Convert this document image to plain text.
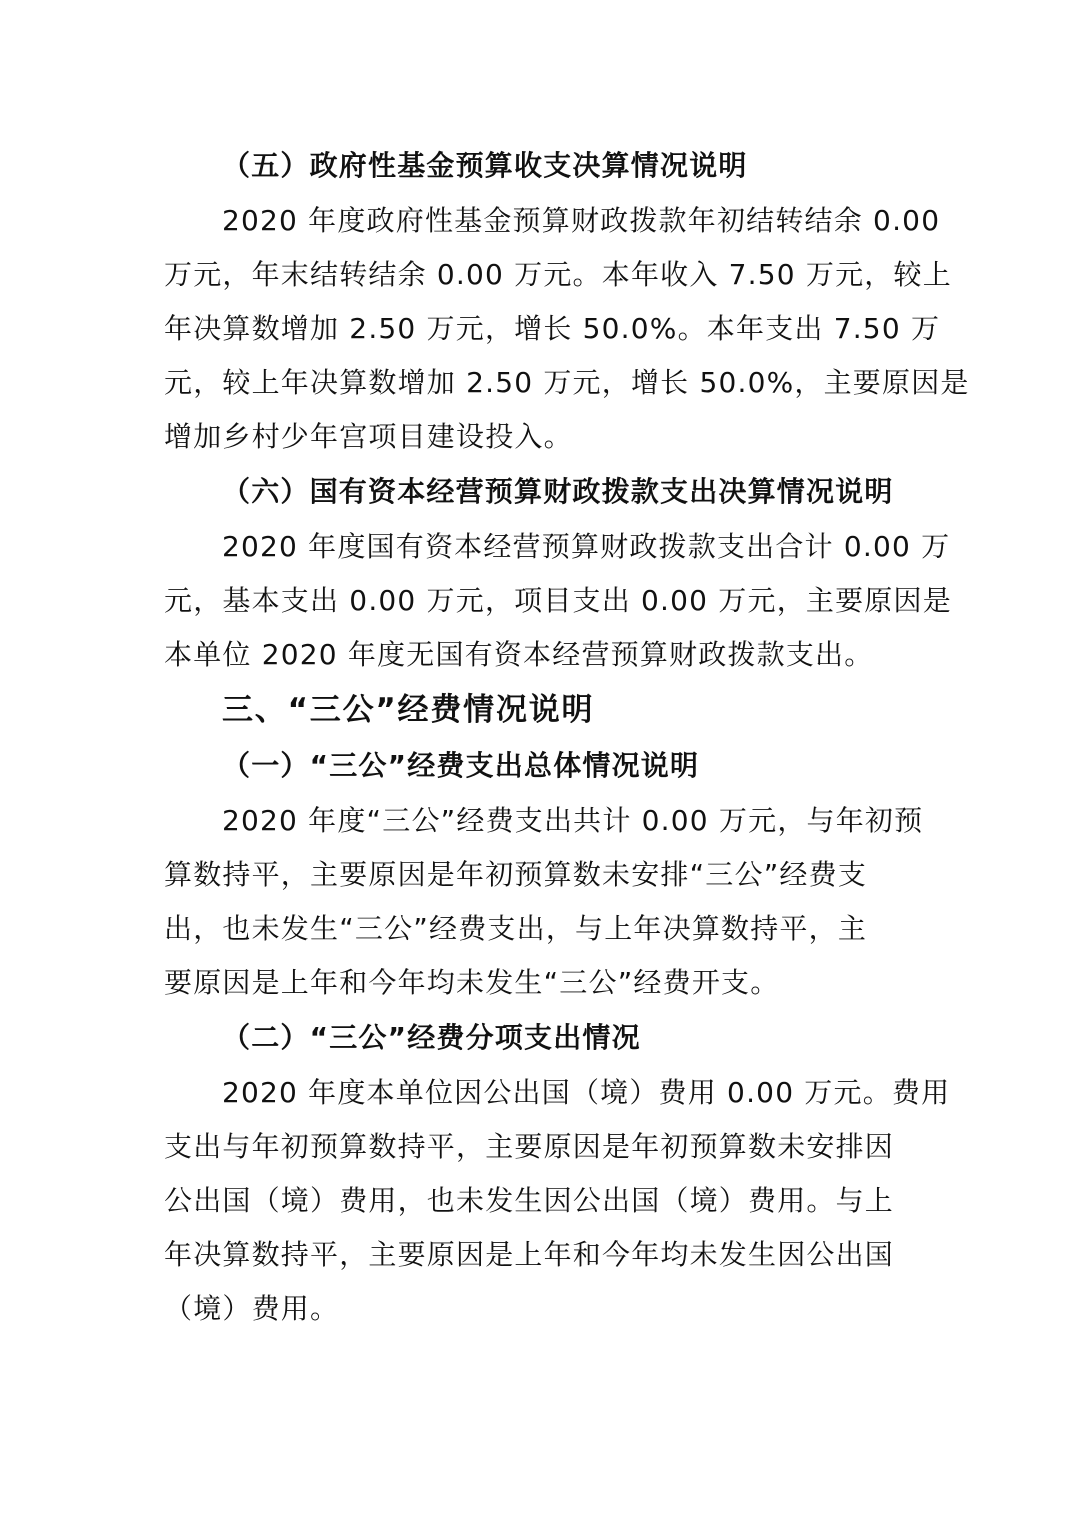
（五）政府性基金预算收支决算情况说明

2020 年度政府性基金预算财政拨款年初结转结余 0.00
万元，年末结转结余 0.00 万元。本年收入 7.50 万元，较上
年决算数增加 2.50 万元，增长 50.0%。本年支出 7.50 万
元，较上年决算数增加 2.50 万元，增长 50.0%，主要原因是
增加乡村少年宫项目建设投入。

（六）国有资本经营预算财政拨款支出决算情况说明

2020 年度国有资本经营预算财政拨款支出合计 0.00 万
元，基本支出 0.00 万元，项目支出 0.00 万元，主要原因是
本单位 2020 年度无国有资本经营预算财政拨款支出。

三、“三公”经费情况说明
（一）“三公”经费支出总体情况说明

2020 年度“三公”经费支出共计 0.00 万元，与年初预
算数持平，主要原因是年初预算数未安排“三公”经费支
出，也未发生“三公”经费支出，与上年决算数持平，主
要原因是上年和今年均未发生“三公”经费开支。

（二）“三公”经费分项支出情况

2020 年度本单位因公出国（境）费用 0.00 万元。费用
支出与年初预算数持平，主要原因是年初预算数未安排因
公出国（境）费用，也未发生因公出国（境）费用。与上
年决算数持平，主要原因是上年和今年均未发生因公出国
（境）费用。
